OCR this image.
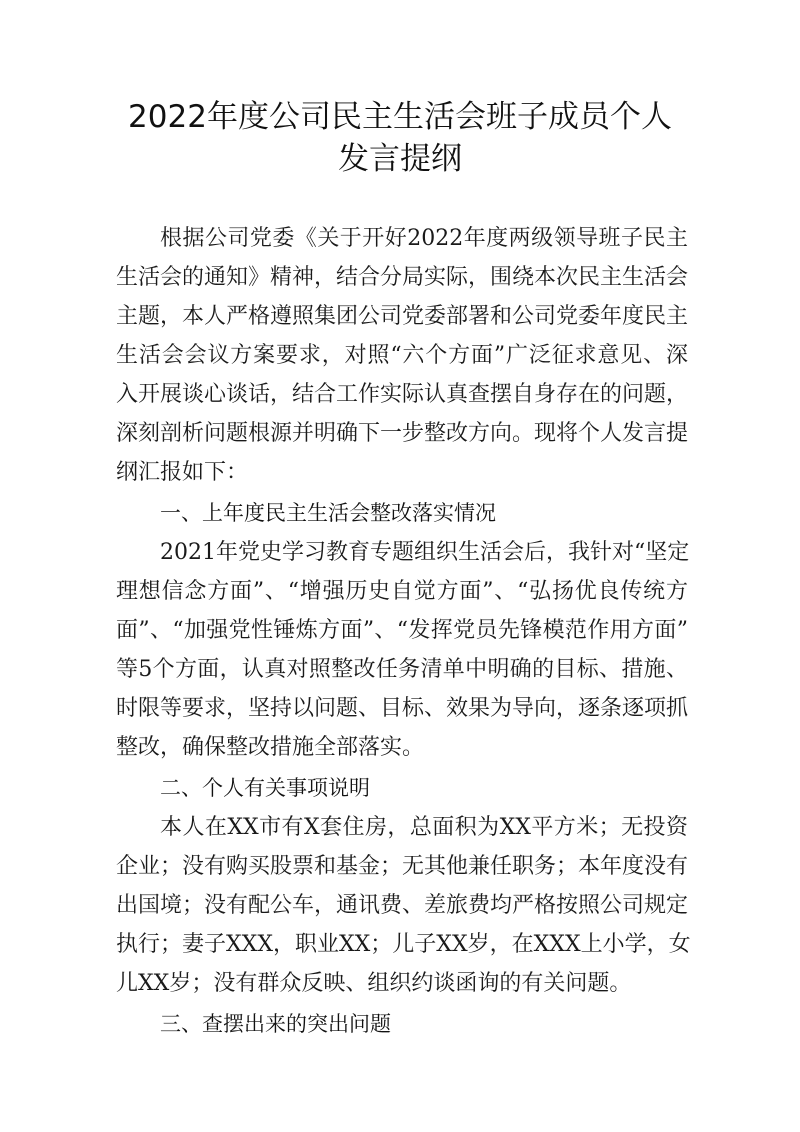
2022年度公司民主生活会班子成员个人
发言提纲
根据公司党委《关于开好2022年度两级领导班子民主
生活会的通知》精神，结合分局实际，围绕本次民主生活会
主题，本人严格遵照集团公司党委部署和公司党委年度民主
生活会会议方案要求，对照“六个方面”广泛征求意见、深
入开展谈心谈话，结合工作实际认真查摆自身存在的问题，
深刻剖析问题根源并明确下一步整改方向。现将个人发言提
纲汇报如下：
一、上年度民主生活会整改落实情况
2021年党史学习教育专题组织生活会后，我针对“坚定
理想信念方面”、“增强历史自觉方面”、“弘扬优良传统方
面”、“加强党性锤炼方面”、“发挥党员先锋模范作用方面”
等5个方面，认真对照整改任务清单中明确的目标、措施、
时限等要求，坚持以问题、目标、效果为导向，逐条逐项抓
整改，确保整改措施全部落实。
二、个人有关事项说明
本人在XX市有X套住房，总面积为XX平方米；无投资
企业；没有购买股票和基金；无其他兼任职务；本年度没有
出国境；没有配公车，通讯费、差旅费均严格按照公司规定
执行；妻子XXX，职业XX；儿子XX岁，在XXX上小学，女
儿XX岁；没有群众反映、组织约谈函询的有关问题。
三、查摆出来的突出问题
